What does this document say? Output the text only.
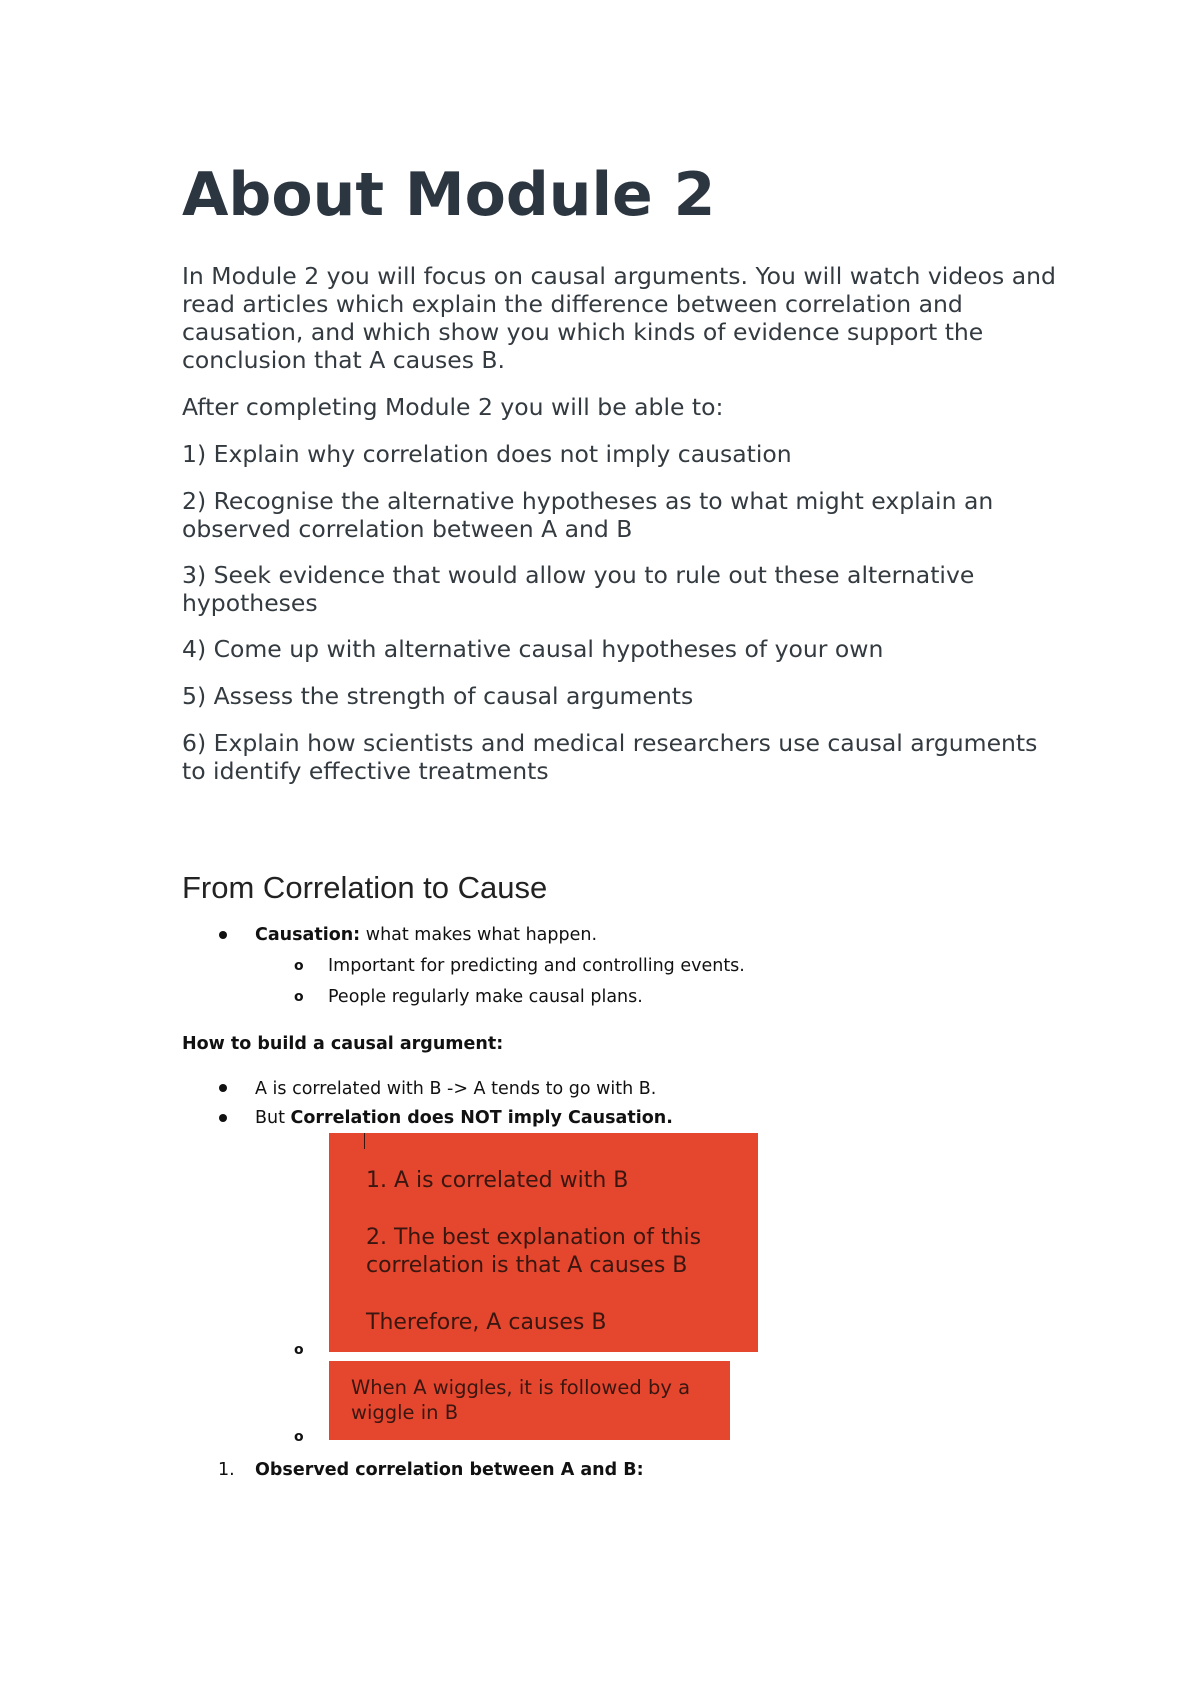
About Module 2

In Module 2 you will focus on causal arguments. You will watch videos and read articles which explain the difference between correlation and causation, and which show you which kinds of evidence support the conclusion that A causes B.

After completing Module 2 you will be able to:

1) Explain why correlation does not imply causation

2) Recognise the alternative hypotheses as to what might explain an observed correlation between A and B

3) Seek evidence that would allow you to rule out these alternative hypotheses

4) Come up with alternative causal hypotheses of your own

5) Assess the strength of causal arguments

6) Explain how scientists and medical researchers use causal arguments to identify effective treatments

From Correlation to Cause
Causation: what makes what happen.
o Important for predicting and controlling events.
o People regularly make causal plans.
How to build a causal argument:
A is correlated with B -> A tends to go with B.
But Correlation does NOT imply Causation.
1. A is correlated with B
2. The best explanation of this
correlation is that A causes B
Therefore, A causes B
o
When A wiggles, it is followed by a
wiggle in B
o
1. Observed correlation between A and B:
